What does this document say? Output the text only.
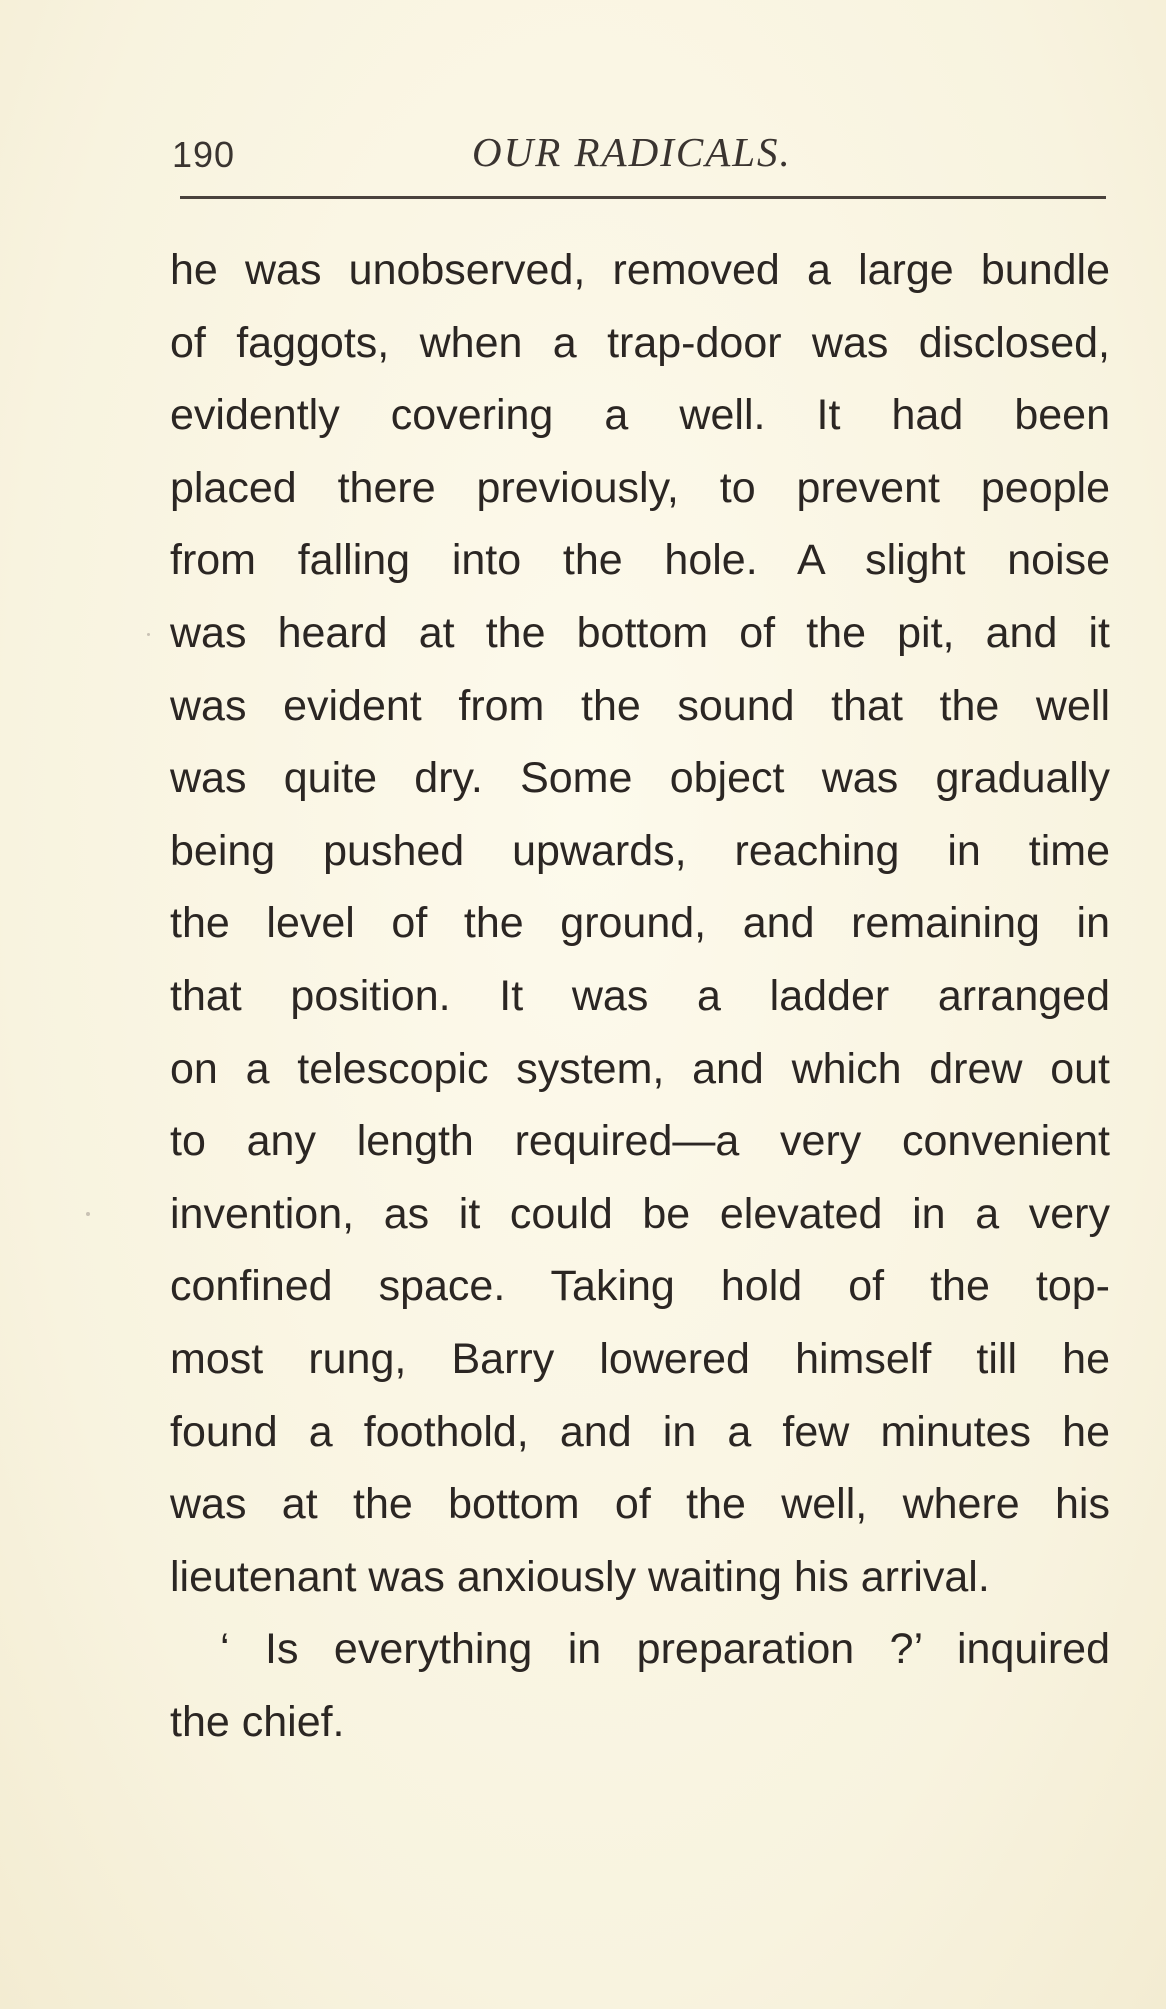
190	OUR RADICALS.
he was unobserved, removed a large bundle
of faggots, when a trap-door was disclosed,
evidently covering a well. It had been
placed there previously, to prevent people
from falling into the hole. A slight noise
was heard at the bottom of the pit, and it
was evident from the sound that the well
was quite dry. Some object was gradually
being pushed upwards, reaching in time
the level of the ground, and remaining in
that position. It was a ladder arranged
on a telescopic system, and which drew out
to any length required—a very convenient
invention, as it could be elevated in a very
confined space. Taking hold of the top-
most rung, Barry lowered himself till he
found a foothold, and in a few minutes he
was at the bottom of the well, where his
lieutenant was anxiously waiting his arrival.
‘ Is everything in preparation ?’ inquired
the chief.
